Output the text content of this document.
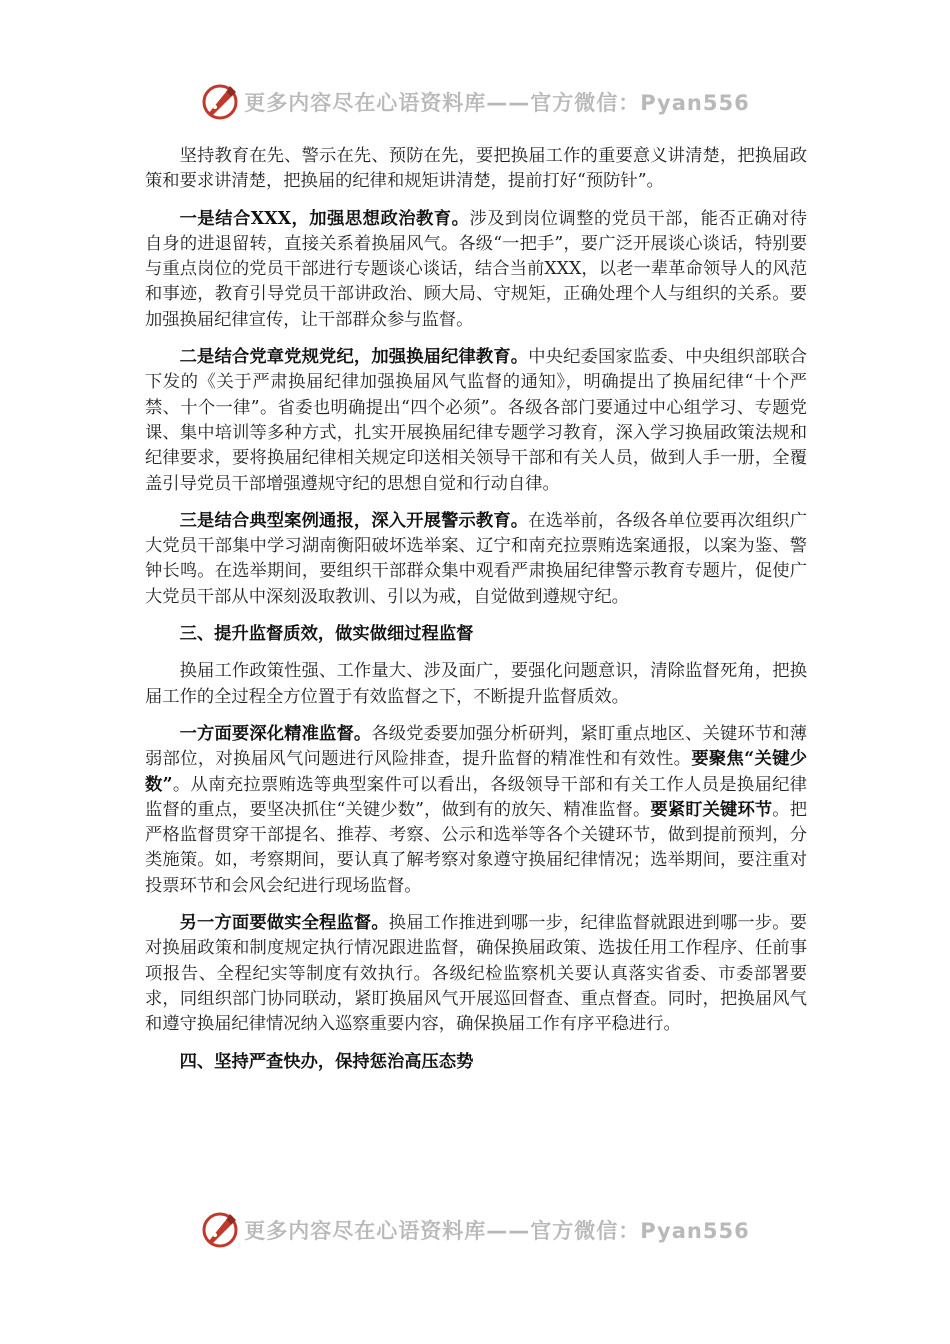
更多内容尽在心语资料库——官方微信：Pyan556

坚持教育在先、警示在先、预防在先，要把换届工作的重要意义讲清楚，把换届政策和要求讲清楚，把换届的纪律和规矩讲清楚，提前打好“预防针”。

一是结合XXX，加强思想政治教育。涉及到岗位调整的党员干部，能否正确对待自身的进退留转，直接关系着换届风气。各级“一把手”，要广泛开展谈心谈话，特别要与重点岗位的党员干部进行专题谈心谈话，结合当前XXX，以老一辈革命领导人的风范和事迹，教育引导党员干部讲政治、顾大局、守规矩，正确处理个人与组织的关系。要加强换届纪律宣传，让干部群众参与监督。

二是结合党章党规党纪，加强换届纪律教育。中央纪委国家监委、中央组织部联合下发的《关于严肃换届纪律加强换届风气监督的通知》，明确提出了换届纪律“十个严禁、十个一律”。省委也明确提出“四个必须”。各级各部门要通过中心组学习、专题党课、集中培训等多种方式，扎实开展换届纪律专题学习教育，深入学习换届政策法规和纪律要求，要将换届纪律相关规定印送相关领导干部和有关人员，做到人手一册，全覆盖引导党员干部增强遵规守纪的思想自觉和行动自律。

三是结合典型案例通报，深入开展警示教育。在选举前，各级各单位要再次组织广大党员干部集中学习湖南衡阳破坏选举案、辽宁和南充拉票贿选案通报，以案为鉴、警钟长鸣。在选举期间，要组织干部群众集中观看严肃换届纪律警示教育专题片，促使广大党员干部从中深刻汲取教训、引以为戒，自觉做到遵规守纪。

三、提升监督质效，做实做细过程监督

换届工作政策性强、工作量大、涉及面广，要强化问题意识，清除监督死角，把换届工作的全过程全方位置于有效监督之下，不断提升监督质效。

一方面要深化精准监督。各级党委要加强分析研判，紧盯重点地区、关键环节和薄弱部位，对换届风气问题进行风险排查，提升监督的精准性和有效性。要聚焦“关键少数”。从南充拉票贿选等典型案件可以看出，各级领导干部和有关工作人员是换届纪律监督的重点，要坚决抓住“关键少数”，做到有的放矢、精准监督。要紧盯关键环节。把严格监督贯穿干部提名、推荐、考察、公示和选举等各个关键环节，做到提前预判，分类施策。如，考察期间，要认真了解考察对象遵守换届纪律情况；选举期间，要注重对投票环节和会风会纪进行现场监督。

另一方面要做实全程监督。换届工作推进到哪一步，纪律监督就跟进到哪一步。要对换届政策和制度规定执行情况跟进监督，确保换届政策、选拔任用工作程序、任前事项报告、全程纪实等制度有效执行。各级纪检监察机关要认真落实省委、市委部署要求，同组织部门协同联动，紧盯换届风气开展巡回督查、重点督查。同时，把换届风气和遵守换届纪律情况纳入巡察重要内容，确保换届工作有序平稳进行。

四、坚持严查快办，保持惩治高压态势
更多内容尽在心语资料库——官方微信：Pyan556
